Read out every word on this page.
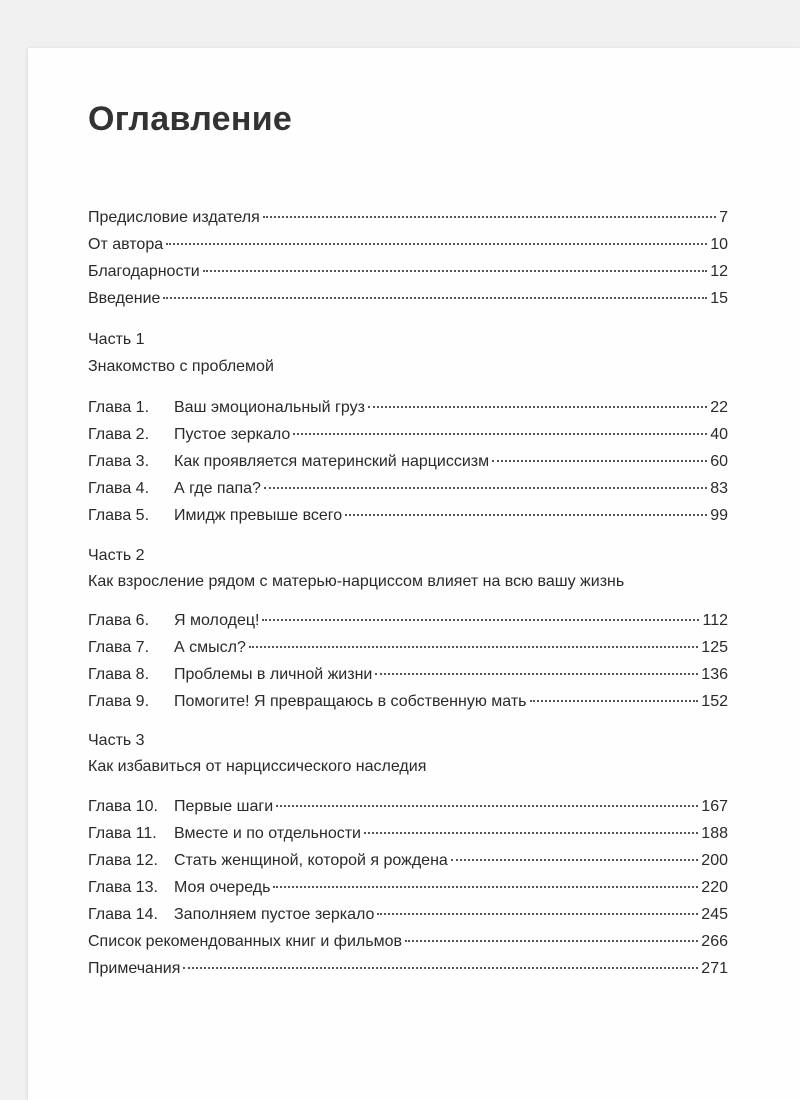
Оглавление
Предисловие издателя	7
От автора	10
Благодарности	12
Введение	15
Часть 1
Знакомство с проблемой
Глава 1.	Ваш эмоциональный груз	22
Глава 2.	Пустое зеркало	40
Глава 3.	Как проявляется материнский нарциссизм	60
Глава 4.	А где папа?	83
Глава 5.	Имидж превыше всего	99
Часть 2
Как взросление рядом с матерью-нарциссом влияет на всю вашу жизнь
Глава 6.	Я молодец!	112
Глава 7.	А смысл?	125
Глава 8.	Проблемы в личной жизни	136
Глава 9.	Помогите! Я превращаюсь в собственную мать	152
Часть 3
Как избавиться от нарциссического наследия
Глава 10.	Первые шаги	167
Глава 11.	Вместе и по отдельности	188
Глава 12.	Стать женщиной, которой я рождена	200
Глава 13.	Моя очередь	220
Глава 14.	Заполняем пустое зеркало	245
Список рекомендованных книг и фильмов	266
Примечания	271
